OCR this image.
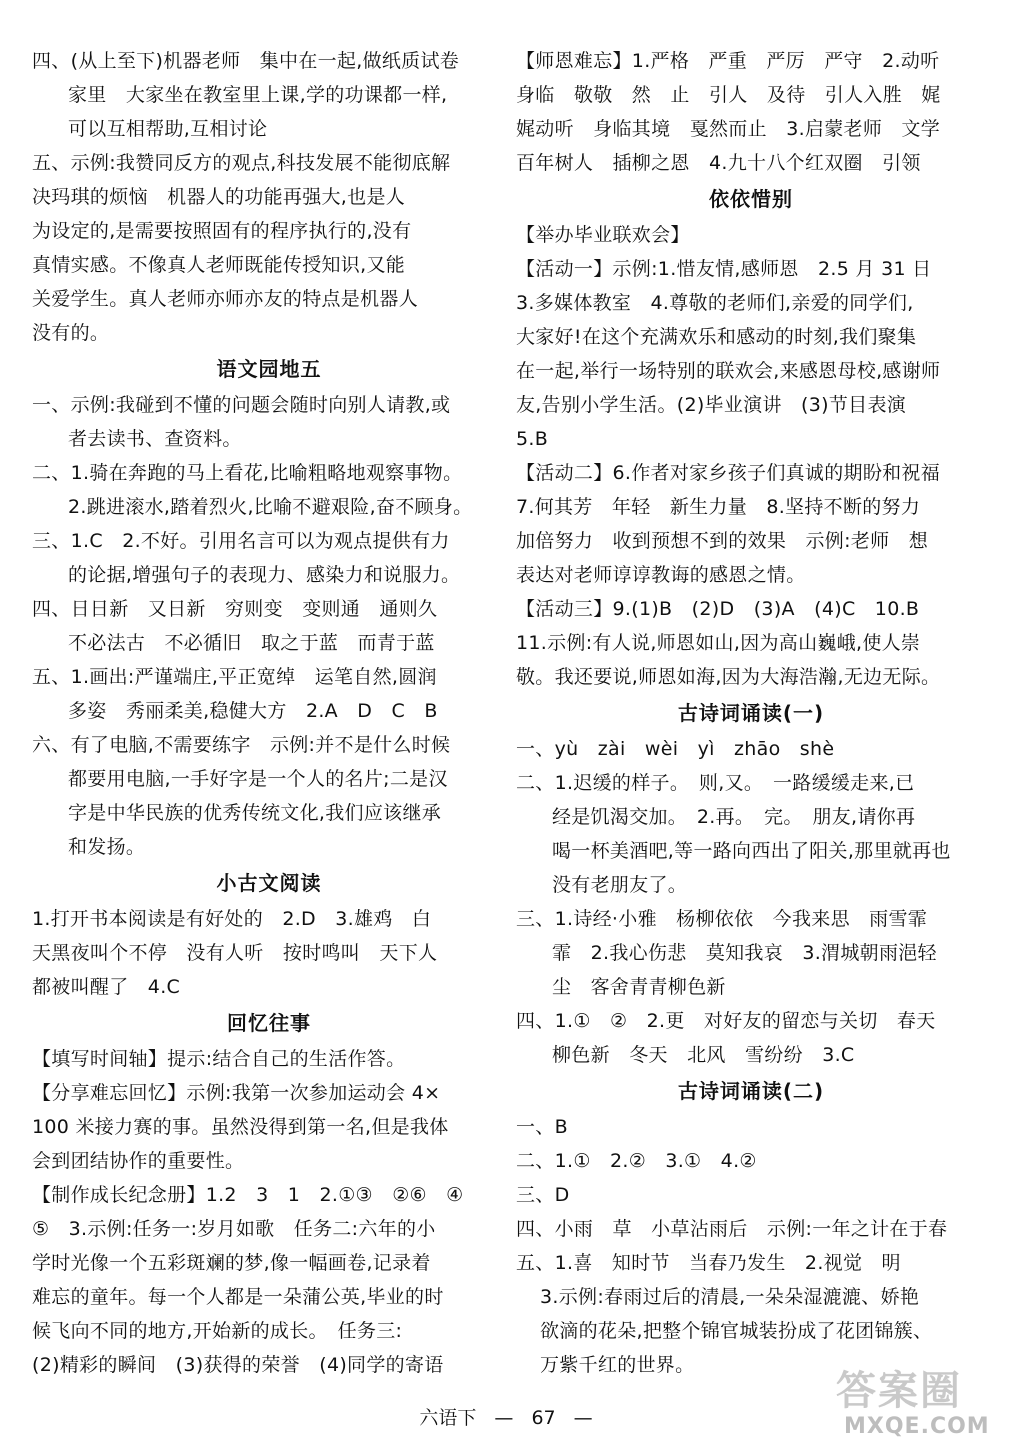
四、(从上至下)机器老师　集中在一起,做纸质试卷
家里　大家坐在教室里上课,学的功课都一样,
可以互相帮助,互相讨论
五、示例:我赞同反方的观点,科技发展不能彻底解
决玛琪的烦恼　机器人的功能再强大,也是人
为设定的,是需要按照固有的程序执行的,没有
真情实感。不像真人老师既能传授知识,又能
关爱学生。真人老师亦师亦友的特点是机器人
没有的。
语文园地五
一、示例:我碰到不懂的问题会随时向别人请教,或
者去读书、查资料。
二、1.骑在奔跑的马上看花,比喻粗略地观察事物。
2.跳进滚水,踏着烈火,比喻不避艰险,奋不顾身。
三、1.C　2.不好。引用名言可以为观点提供有力
的论据,增强句子的表现力、感染力和说服力。
四、日日新　又日新　穷则变　变则通　通则久
不必法古　不必循旧　取之于蓝　而青于蓝
五、1.画出:严谨端庄,平正宽绰　运笔自然,圆润
多姿　秀丽柔美,稳健大方　2.A　D　C　B
六、有了电脑,不需要练字　示例:并不是什么时候
都要用电脑,一手好字是一个人的名片;二是汉
字是中华民族的优秀传统文化,我们应该继承
和发扬。
小古文阅读
1.打开书本阅读是有好处的　2.D　3.雄鸡　白
天黑夜叫个不停　没有人听　按时鸣叫　天下人
都被叫醒了　4.C
回忆往事
【填写时间轴】提示:结合自己的生活作答。
【分享难忘回忆】示例:我第一次参加运动会 4×
100 米接力赛的事。虽然没得到第一名,但是我体
会到团结协作的重要性。
【制作成长纪念册】1.2　3　1　2.①③　②⑥　④
⑤　3.示例:任务一:岁月如歌　任务二:六年的小
学时光像一个五彩斑斓的梦,像一幅画卷,记录着
难忘的童年。每一个人都是一朵蒲公英,毕业的时
候飞向不同的地方,开始新的成长。　任务三:
(2)精彩的瞬间　(3)获得的荣誉　(4)同学的寄语
【师恩难忘】1.严格　严重　严厉　严守　2.动听
身临　敬敬　然　止　引人　及待　引人入胜　娓
娓动听　身临其境　戛然而止　3.启蒙老师　文学
百年树人　插柳之恩　4.九十八个红双圈　引领
依依惜别
【举办毕业联欢会】
【活动一】示例:1.惜友情,感师恩　2.5 月 31 日
3.多媒体教室　4.尊敬的老师们,亲爱的同学们,
大家好!在这个充满欢乐和感动的时刻,我们聚集
在一起,举行一场特别的联欢会,来感恩母校,感谢师
友,告别小学生活。(2)毕业演讲　(3)节目表演
5.B
【活动二】6.作者对家乡孩子们真诚的期盼和祝福
7.何其芳　年轻　新生力量　8.坚持不断的努力
加倍努力　收到预想不到的效果　示例:老师　想
表达对老师谆谆教诲的感恩之情。
【活动三】9.(1)B　(2)D　(3)A　(4)C　10.B
11.示例:有人说,师恩如山,因为高山巍峨,使人崇
敬。我还要说,师恩如海,因为大海浩瀚,无边无际。
古诗词诵读(一)
一、yù　zài　wèi　yì　zhāo　shè
二、1.迟缓的样子。　则,又。　一路缓缓走来,已
经是饥渴交加。　2.再。　完。　朋友,请你再
喝一杯美酒吧,等一路向西出了阳关,那里就再也
没有老朋友了。
三、1.诗经·小雅　杨柳依依　今我来思　雨雪霏
霏　2.我心伤悲　莫知我哀　3.渭城朝雨浥轻
尘　客舍青青柳色新
四、1.①　②　2.更　对好友的留恋与关切　春天
柳色新　冬天　北风　雪纷纷　3.C
古诗词诵读(二)
一、B
二、1.①　2.②　3.①　4.②
三、D
四、小雨　草　小草沾雨后　示例:一年之计在于春
五、1.喜　知时节　当春乃发生　2.视觉　明
3.示例:春雨过后的清晨,一朵朵湿漉漉、娇艳
欲滴的花朵,把整个锦官城装扮成了花团锦簇、
万紫千红的世界。
六语下 — 67 —
答案圈
MXQE.COM
